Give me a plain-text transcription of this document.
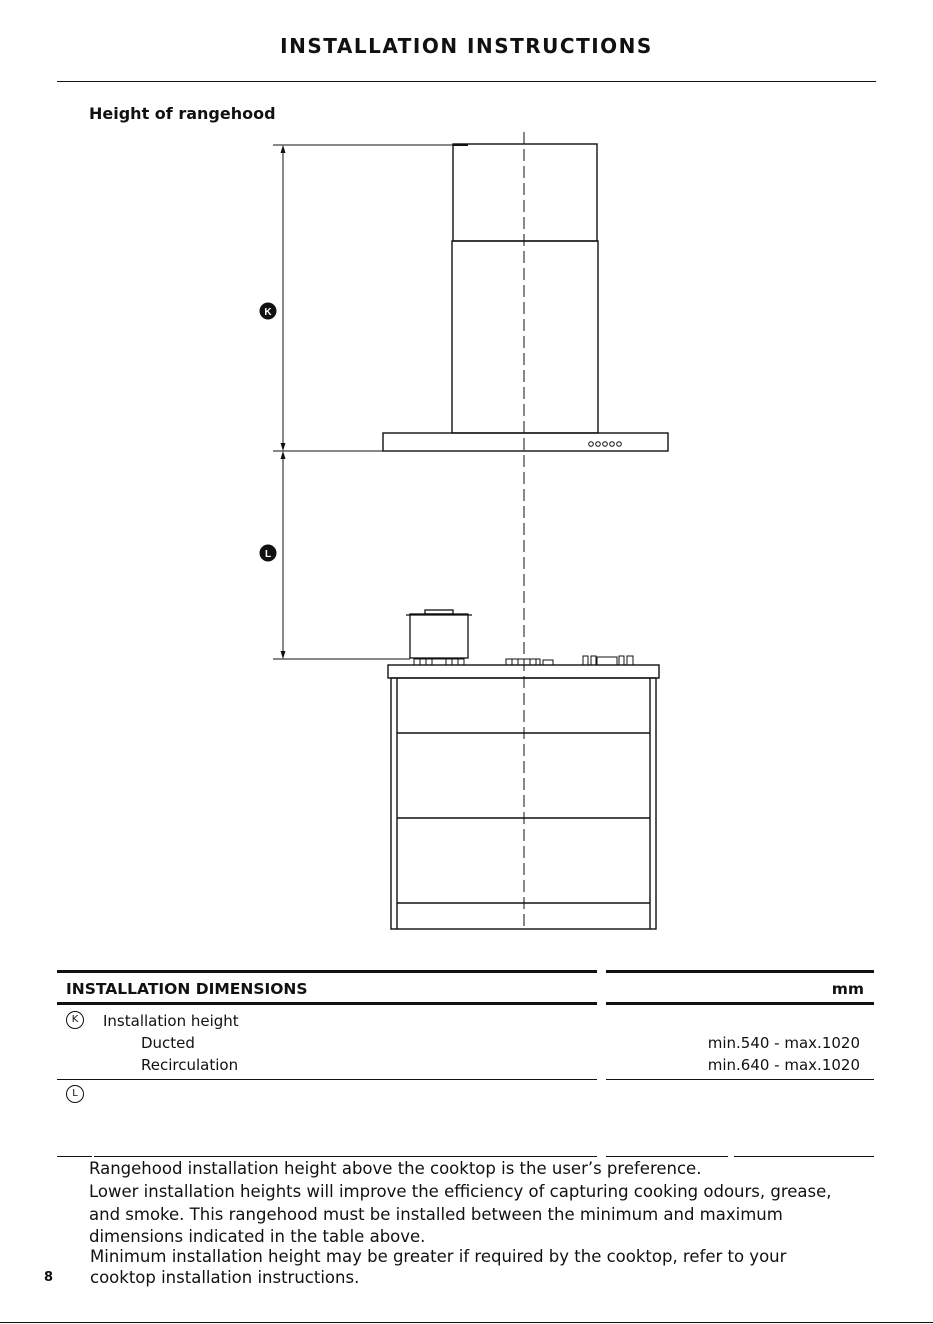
INSTALLATION INSTRUCTIONS
Height of rangehood
K
L
INSTALLATION DIMENSIONS	mm
K	Installation height
Ducted	min.540 - max.1020
Recirculation	min.640 - max.1020
L
Rangehood installation height above the cooktop is the user’s preference.
Lower installation heights will improve the efficiency of capturing cooking odours, grease, and smoke. This rangehood must be installed between the minimum and maximum dimensions indicated in the table above.
Minimum installation height may be greater if required by the cooktop, refer to your cooktop installation instructions.
8
